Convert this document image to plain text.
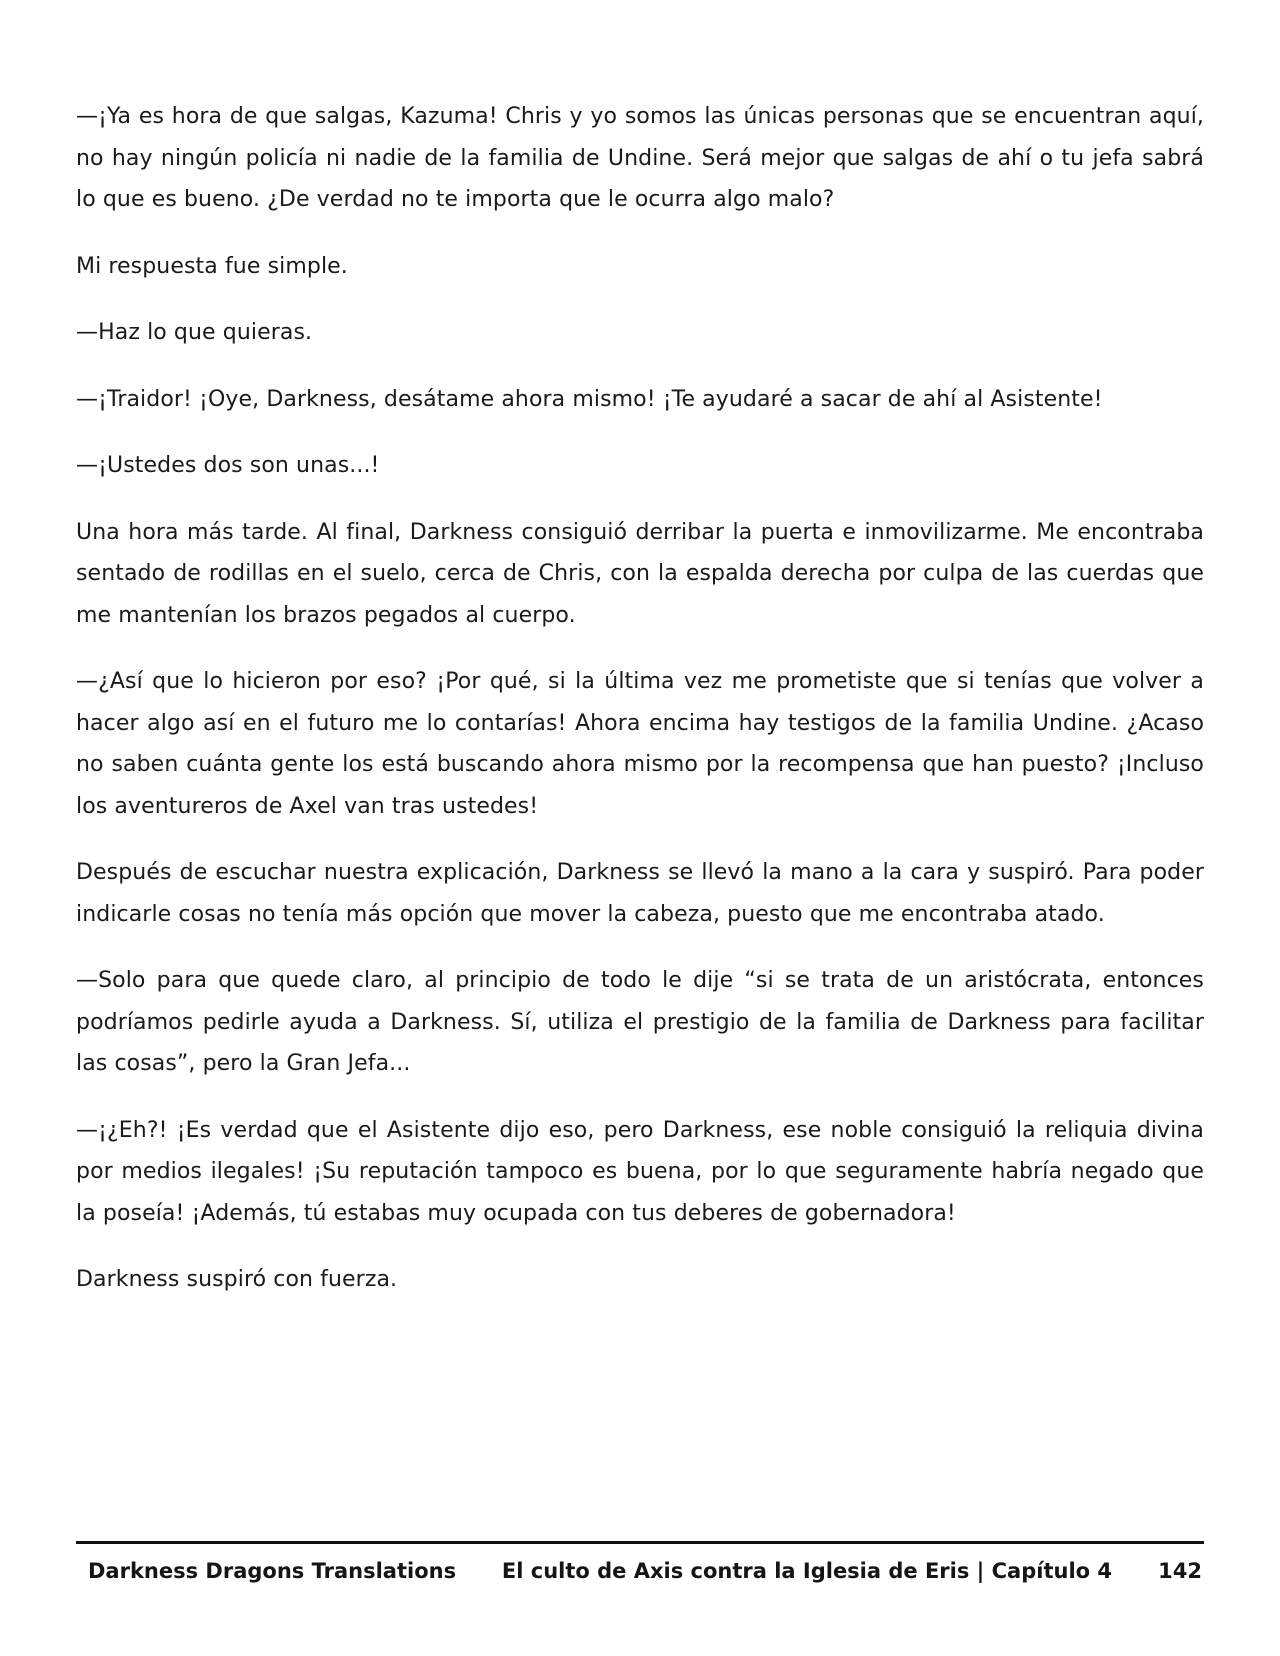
—¡Ya es hora de que salgas, Kazuma! Chris y yo somos las únicas personas que se encuentran aquí, no hay ningún policía ni nadie de la familia de Undine. Será mejor que salgas de ahí o tu jefa sabrá lo que es bueno. ¿De verdad no te importa que le ocurra algo malo?

Mi respuesta fue simple.

—Haz lo que quieras.

—¡Traidor! ¡Oye, Darkness, desátame ahora mismo! ¡Te ayudaré a sacar de ahí al Asistente!

—¡Ustedes dos son unas...!

Una hora más tarde. Al final, Darkness consiguió derribar la puerta e inmovilizarme. Me encontraba sentado de rodillas en el suelo, cerca de Chris, con la espalda derecha por culpa de las cuerdas que me mantenían los brazos pegados al cuerpo.

—¿Así que lo hicieron por eso? ¡Por qué, si la última vez me prometiste que si tenías que volver a hacer algo así en el futuro me lo contarías! Ahora encima hay testigos de la familia Undine. ¿Acaso no saben cuánta gente los está buscando ahora mismo por la recompensa que han puesto? ¡Incluso los aventureros de Axel van tras ustedes!

Después de escuchar nuestra explicación, Darkness se llevó la mano a la cara y suspiró. Para poder indicarle cosas no tenía más opción que mover la cabeza, puesto que me encontraba atado.

—Solo para que quede claro, al principio de todo le dije “si se trata de un aristócrata, entonces podríamos pedirle ayuda a Darkness. Sí, utiliza el prestigio de la familia de Darkness para facilitar las cosas”, pero la Gran Jefa...

—¡¿Eh?! ¡Es verdad que el Asistente dijo eso, pero Darkness, ese noble consiguió la reliquia divina por medios ilegales! ¡Su reputación tampoco es buena, por lo que seguramente habría negado que la poseía! ¡Además, tú estabas muy ocupada con tus deberes de gobernadora!

Darkness suspiró con fuerza.

Darkness Dragons Translations El culto de Axis contra la Iglesia de Eris | Capítulo 4 142
